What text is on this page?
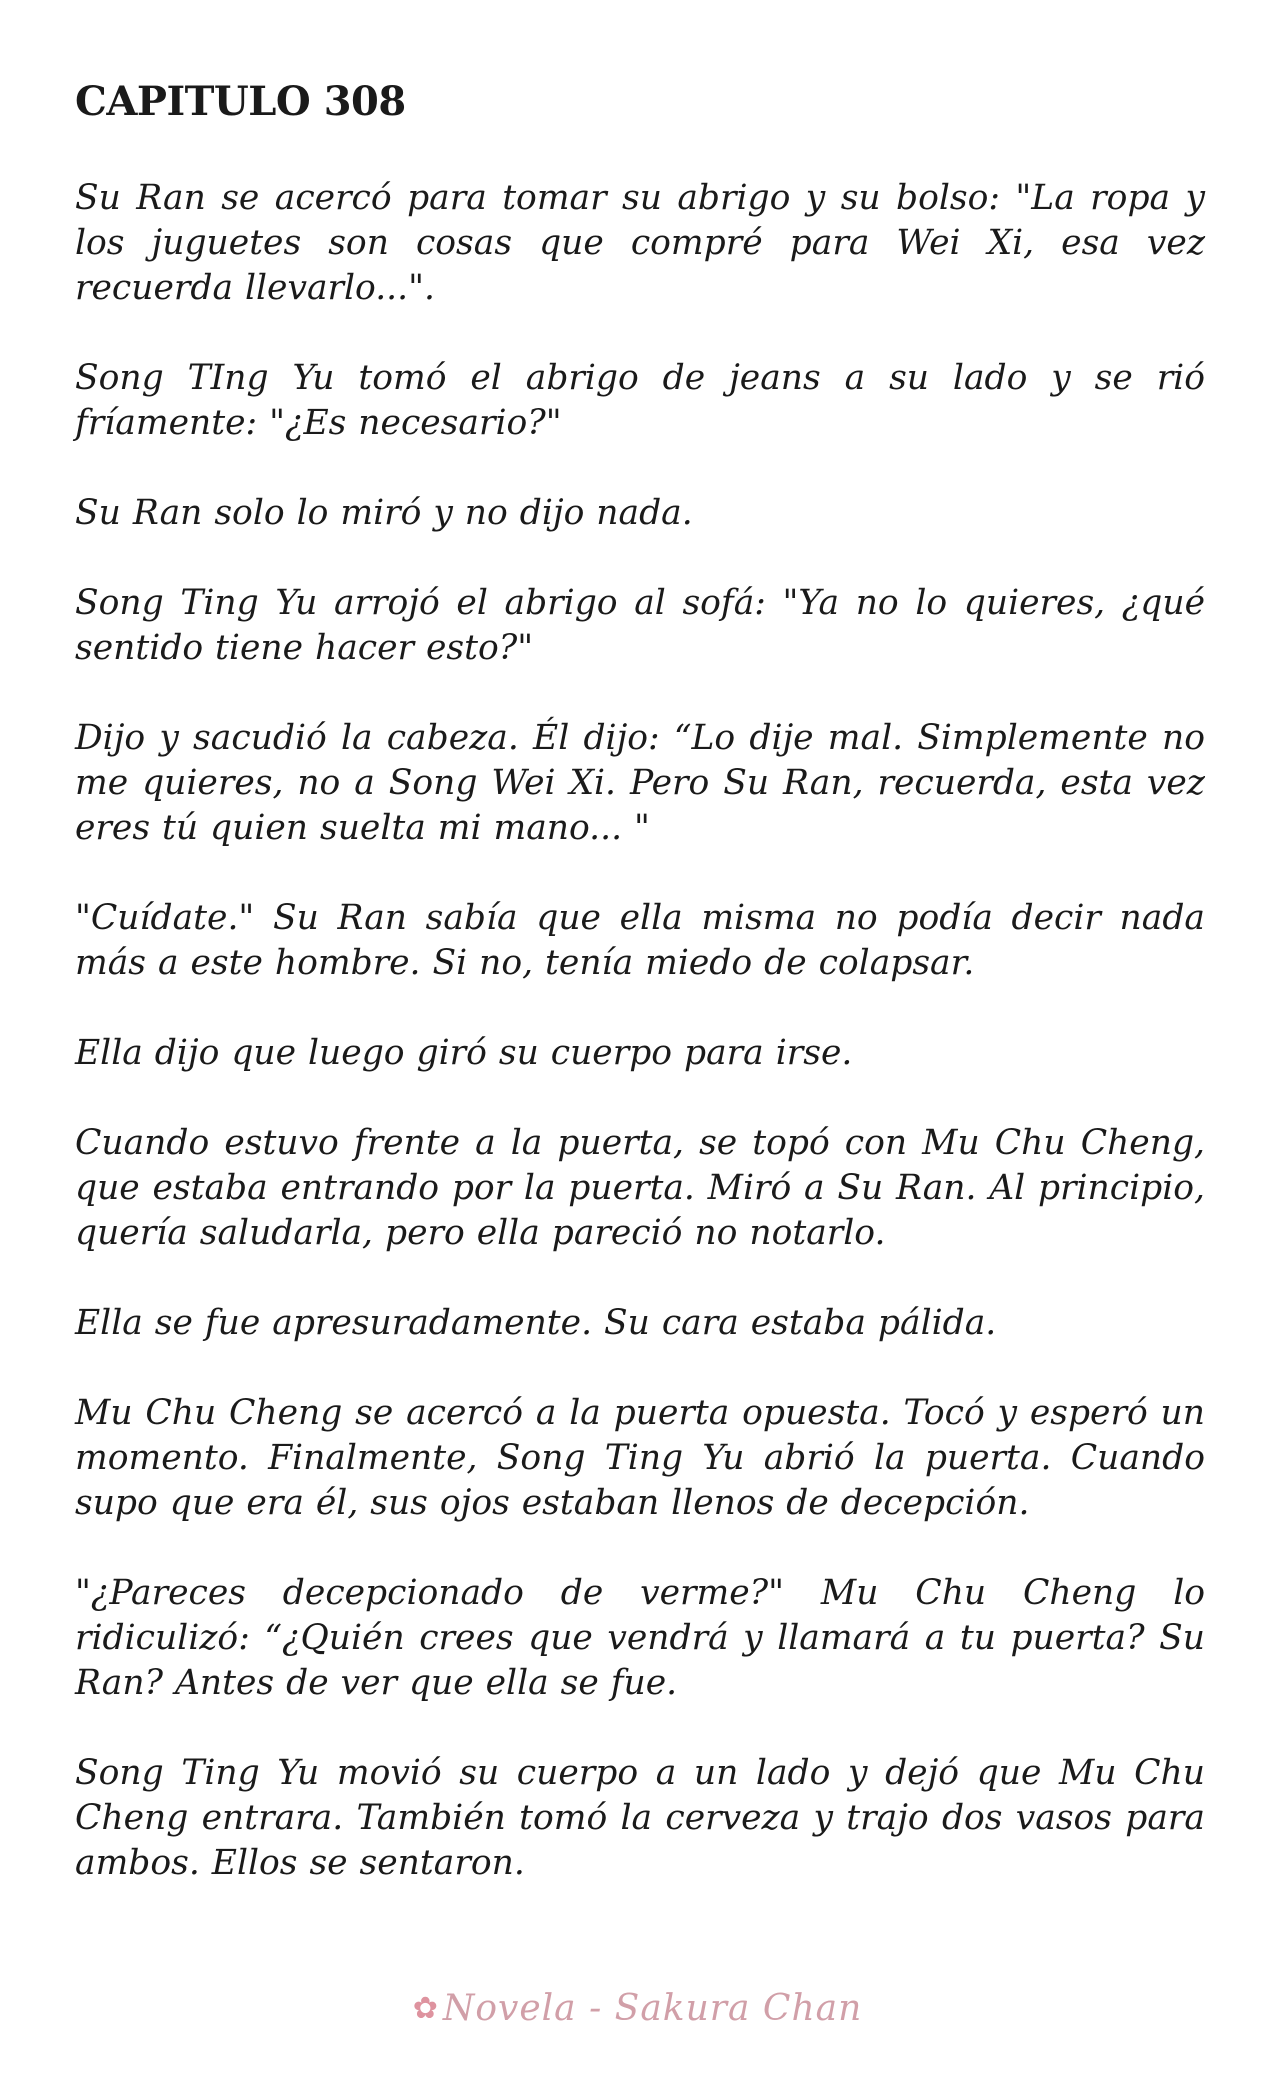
CAPITULO 308

Su Ran se acercó para tomar su abrigo y su bolso: "La ropa y los juguetes son cosas que compré para Wei Xi, esa vez recuerda llevarlo...".

Song TIng Yu tomó el abrigo de jeans a su lado y se rió fríamente: "¿Es necesario?"

Su Ran solo lo miró y no dijo nada.

Song Ting Yu arrojó el abrigo al sofá: "Ya no lo quieres, ¿qué sentido tiene hacer esto?"

Dijo y sacudió la cabeza. Él dijo: “Lo dije mal. Simplemente no me quieres, no a Song Wei Xi. Pero Su Ran, recuerda, esta vez eres tú quien suelta mi mano... "

"Cuídate." Su Ran sabía que ella misma no podía decir nada más a este hombre. Si no, tenía miedo de colapsar.

Ella dijo que luego giró su cuerpo para irse.

Cuando estuvo frente a la puerta, se topó con Mu Chu Cheng, que estaba entrando por la puerta. Miró a Su Ran. Al principio, quería saludarla, pero ella pareció no notarlo.

Ella se fue apresuradamente. Su cara estaba pálida.

Mu Chu Cheng se acercó a la puerta opuesta. Tocó y esperó un momento. Finalmente, Song Ting Yu abrió la puerta. Cuando supo que era él, sus ojos estaban llenos de decepción.

"¿Pareces decepcionado de verme?" Mu Chu Cheng lo ridiculizó: “¿Quién crees que vendrá y llamará a tu puerta? Su Ran? Antes de ver que ella se fue.

Song Ting Yu movió su cuerpo a un lado y dejó que Mu Chu Cheng entrara. También tomó la cerveza y trajo dos vasos para ambos. Ellos se sentaron.

✿ Novela - Sakura Chan
